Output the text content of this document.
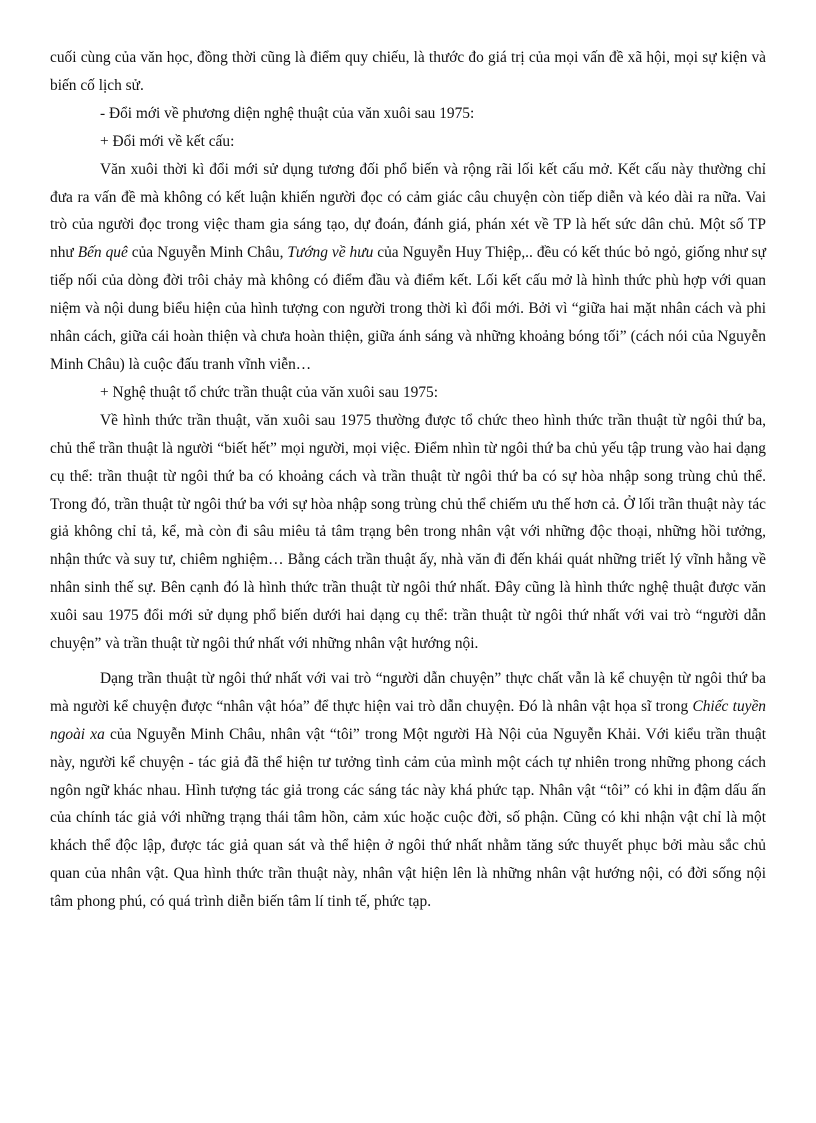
cuối cùng của văn học, đồng thời cũng là điểm quy chiếu, là thước đo giá trị của mọi vấn đề xã hội, mọi sự kiện và biến cố lịch sử.

- Đổi mới về phương diện nghệ thuật của văn xuôi sau 1975:

+ Đổi mới về kết cấu:

Văn xuôi thời kì đổi mới sử dụng tương đối phổ biến và rộng rãi lối kết cấu mở. Kết cấu này thường chỉ đưa ra vấn đề mà không có kết luận khiến người đọc có cảm giác câu chuyện còn tiếp diễn và kéo dài ra nữa. Vai trò của người đọc trong việc tham gia sáng tạo, dự đoán, đánh giá, phán xét về TP là hết sức dân chủ. Một số TP như Bến quê của Nguyễn Minh Châu, Tướng về hưu của Nguyễn Huy Thiệp,.. đều có kết thúc bỏ ngỏ, giống như sự tiếp nối của dòng đời trôi chảy mà không có điểm đầu và điểm kết. Lối kết cấu mở là hình thức phù hợp với quan niệm và nội dung biểu hiện của hình tượng con người trong thời kì đổi mới. Bởi vì “giữa hai mặt nhân cách và phi nhân cách, giữa cái hoàn thiện và chưa hoàn thiện, giữa ánh sáng và những khoảng bóng tối” (cách nói của Nguyễn Minh Châu) là cuộc đấu tranh vĩnh viễn…

+ Nghệ thuật tổ chức trần thuật của văn xuôi sau 1975:

Về hình thức trần thuật, văn xuôi sau 1975 thường được tổ chức theo hình thức trần thuật từ ngôi thứ ba, chủ thể trần thuật là người “biết hết” mọi người, mọi việc. Điểm nhìn từ ngôi thứ ba chủ yếu tập trung vào hai dạng cụ thể: trần thuật từ ngôi thứ ba có khoảng cách và trần thuật từ ngôi thứ ba có sự hòa nhập song trùng chủ thể. Trong đó, trần thuật từ ngôi thứ ba với sự hòa nhập song trùng chủ thể chiếm ưu thế hơn cả. Ở lối trần thuật này tác giả không chỉ tả, kể, mà còn đi sâu miêu tả tâm trạng bên trong nhân vật với những độc thoại, những hồi tưởng, nhận thức và suy tư, chiêm nghiệm… Bằng cách trần thuật ấy, nhà văn đi đến khái quát những triết lý vĩnh hằng về nhân sinh thế sự. Bên cạnh đó là hình thức trần thuật từ ngôi thứ nhất. Đây cũng là hình thức nghệ thuật được văn xuôi sau 1975 đổi mới sử dụng phổ biến dưới hai dạng cụ thể: trần thuật từ ngôi thứ nhất với vai trò “người dẫn chuyện” và trần thuật từ ngôi thứ nhất với những nhân vật hướng nội.

Dạng trần thuật từ ngôi thứ nhất với vai trò “người dẫn chuyện” thực chất vẫn là kể chuyện từ ngôi thứ ba mà người kể chuyện được “nhân vật hóa” để thực hiện vai trò dẫn chuyện. Đó là nhân vật họa sĩ trong Chiếc tuyền ngoài xa của Nguyễn Minh Châu, nhân vật “tôi” trong Một người Hà Nội của Nguyễn Khải. Với kiểu trần thuật này, người kể chuyện - tác giả đã thể hiện tư tưởng tình cảm của mình một cách tự nhiên trong những phong cách ngôn ngữ khác nhau. Hình tượng tác giả trong các sáng tác này khá phức tạp. Nhân vật “tôi” có khi in đậm dấu ấn của chính tác giả với những trạng thái tâm hồn, cảm xúc hoặc cuộc đời, số phận. Cũng có khi nhận vật chỉ là một khách thể độc lập, được tác giả quan sát và thể hiện ở ngôi thứ nhất nhằm tăng sức thuyết phục bởi màu sắc chủ quan của nhân vật. Qua hình thức trần thuật này, nhân vật hiện lên là những nhân vật hướng nội, có đời sống nội tâm phong phú, có quá trình diễn biến tâm lí tinh tế, phức tạp.
